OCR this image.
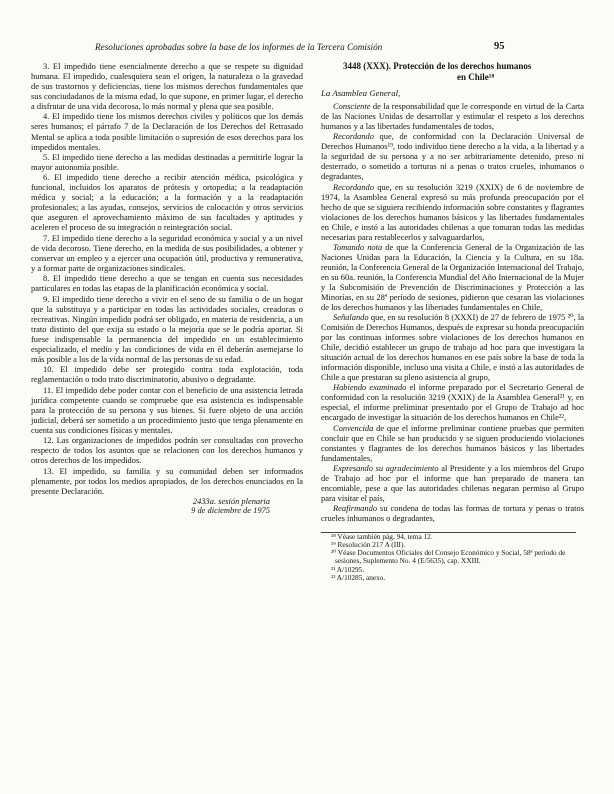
Resoluciones aprobadas sobre la base de los informes de la Tercera Comisión	95

3. El impedido tiene esencialmente derecho a que se respete su dignidad humana. El impedido, cualesquiera sean el origen, la naturaleza o la gravedad de sus trastornos y deficiencias, tiene los mismos derechos fundamentales que sus conciudadanos de la misma edad, lo que supone, en primer lugar, el derecho a disfrutar de una vida decorosa, lo más normal y plena que sea posible.

4. El impedido tiene los mismos derechos civiles y políticos que los demás seres humanos; el párrafo 7 de la Declaración de los Derechos del Retrasado Mental se aplica a toda posible limitación o supresión de esos derechos para los impedidos mentales.

5. El impedido tiene derecho a las medidas destinadas a permitirle lograr la mayor autonomía posible.

6. El impedido tiene derecho a recibir atención médica, psicológica y funcional, incluidos los aparatos de prótesis y ortopedia; a la readaptación médica y social; a la educación; a la formación y a la readaptación profesionales; a las ayudas, consejos, servicios de colocación y otros servicios que aseguren el aprovechamiento máximo de sus facultades y aptitudes y aceleren el proceso de su integración o reintegración social.

7. El impedido tiene derecho a la seguridad económica y social y a un nivel de vida decoroso. Tiene derecho, en la medida de sus posibilidades, a obtener y conservar un empleo y a ejercer una ocupación útil, productiva y remunerativa, y a formar parte de organizaciones sindicales.

8. El impedido tiene derecho a que se tengan en cuenta sus necesidades particulares en todas las etapas de la planificación económica y social.

9. El impedido tiene derecho a vivir en el seno de su familia o de un hogar que la substituya y a participar en todas las actividades sociales, creadoras o recreativas. Ningún impedido podrá ser obligado, en materia de residencia, a un trato distinto del que exija su estado o la mejoría que se le podría aportar. Si fuese indispensable la permanencia del impedido en un establecimiento especializado, el medio y las condiciones de vida en él deberán asemejarse lo más posible a los de la vida normal de las personas de su edad.

10. El impedido debe ser protegido contra toda explotación, toda reglamentación o todo trato discriminatorio, abusivo o degradante.

11. El impedido debe poder contar con el beneficio de una asistencia letrada jurídica competente cuando se compruebe que esa asistencia es indispensable para la protección de su persona y sus bienes. Si fuere objeto de una acción judicial, deberá ser sometido a un procedimiento justo que tenga plenamente en cuenta sus condiciones físicas y mentales.

12. Las organizaciones de impedidos podrán ser consultadas con provecho respecto de todos los asuntos que se relacionen con los derechos humanos y otros derechos de los impedidos.

13. El impedido, su familia y su comunidad deben ser informados plenamente, por todos los medios apropiados, de los derechos enunciados en la presente Declaración.

2433a. sesión plenaria
9 de diciembre de 1975
3448 (XXX). Protección de los derechos humanos
en Chile¹⁸

La Asamblea General,

Consciente de la responsabilidad que le corresponde en virtud de la Carta de las Naciones Unidas de desarrollar y estimular el respeto a los derechos humanos y a las libertades fundamentales de todos,

Recordando que, de conformidad con la Declaración Universal de Derechos Humanos¹⁹, todo individuo tiene derecho a la vida, a la libertad y a la seguridad de su persona y a no ser arbitrariamente detenido, preso ni desterrado, o sometido a torturas ni a penas o tratos crueles, inhumanos o degradantes,

Recordando que, en su resolución 3219 (XXIX) de 6 de noviembre de 1974, la Asamblea General expresó su más profunda preocupación por el hecho de que se siguiera recibiendo información sobre constantes y flagrantes violaciones de los derechos humanos básicos y las libertades fundamentales en Chile, e instó a las autoridades chilenas a que tomaran todas las medidas necesarias para restablecerlos y salvaguardarlos,

Tomando nota de que la Conferencia General de la Organización de las Naciones Unidas para la Educación, la Ciencia y la Cultura, en su 18a. reunión, la Conferencia General de la Organización Internacional del Trabajo, en su 60a. reunión, la Conferencia Mundial del Año Internacional de la Mujer y la Subcomisión de Prevención de Discriminaciones y Protección a las Minorías, en su 28ª período de sesiones, pidieron que cesaran las violaciones de los derechos humanos y las libertades fundamentales en Chile,

Señalando que, en su resolución 8 (XXXI) de 27 de febrero de 1975 ²⁰, la Comisión de Derechos Humanos, después de expresar su honda preocupación por las continuas informes sobre violaciones de los derechos humanos en Chile, decidió establecer un grupo de trabajo ad hoc para que investigara la situación actual de los derechos humanos en ese país sobre la base de toda la información disponible, incluso una visita a Chile, e instó a las autoridades de Chile a que prestaran su pleno asistencia al grupo,

Habiendo examinado el informe preparado por el Secretario General de conformidad con la resolución 3219 (XXIX) de la Asamblea General²¹ y, en especial, el informe preliminar presentado por el Grupo de Trabajo ad hoc encargado de investigar la situación de los derechos humanos en Chile²²,

Convencida de que el informe preliminar contiene pruebas que permiten concluir que en Chile se han producido y se siguen produciendo violaciones constantes y flagrantes de los derechos humanos básicos y las libertades fundamentales,

Expresando su agradecimiento al Presidente y a los miembros del Grupo de Trabajo ad hoc por el informe que han preparado de manera tan encomiable, pese a que las autoridades chilenas negaran permiso al Grupo para visitar el país,

Reafirmando su condena de todas las formas de tortura y penas o tratos crueles inhumanos o degradantes,

¹⁸ Véase también pág. 94, tema 12.
¹⁹ Resolución 217 A (III).
²⁰ Véase Documentos Oficiales del Consejo Económico y Social, 58ª período de sesiones, Suplemento No. 4 (E/5635), cap. XXIII.
²¹ A/10295.
²² A/10285, anexo.
